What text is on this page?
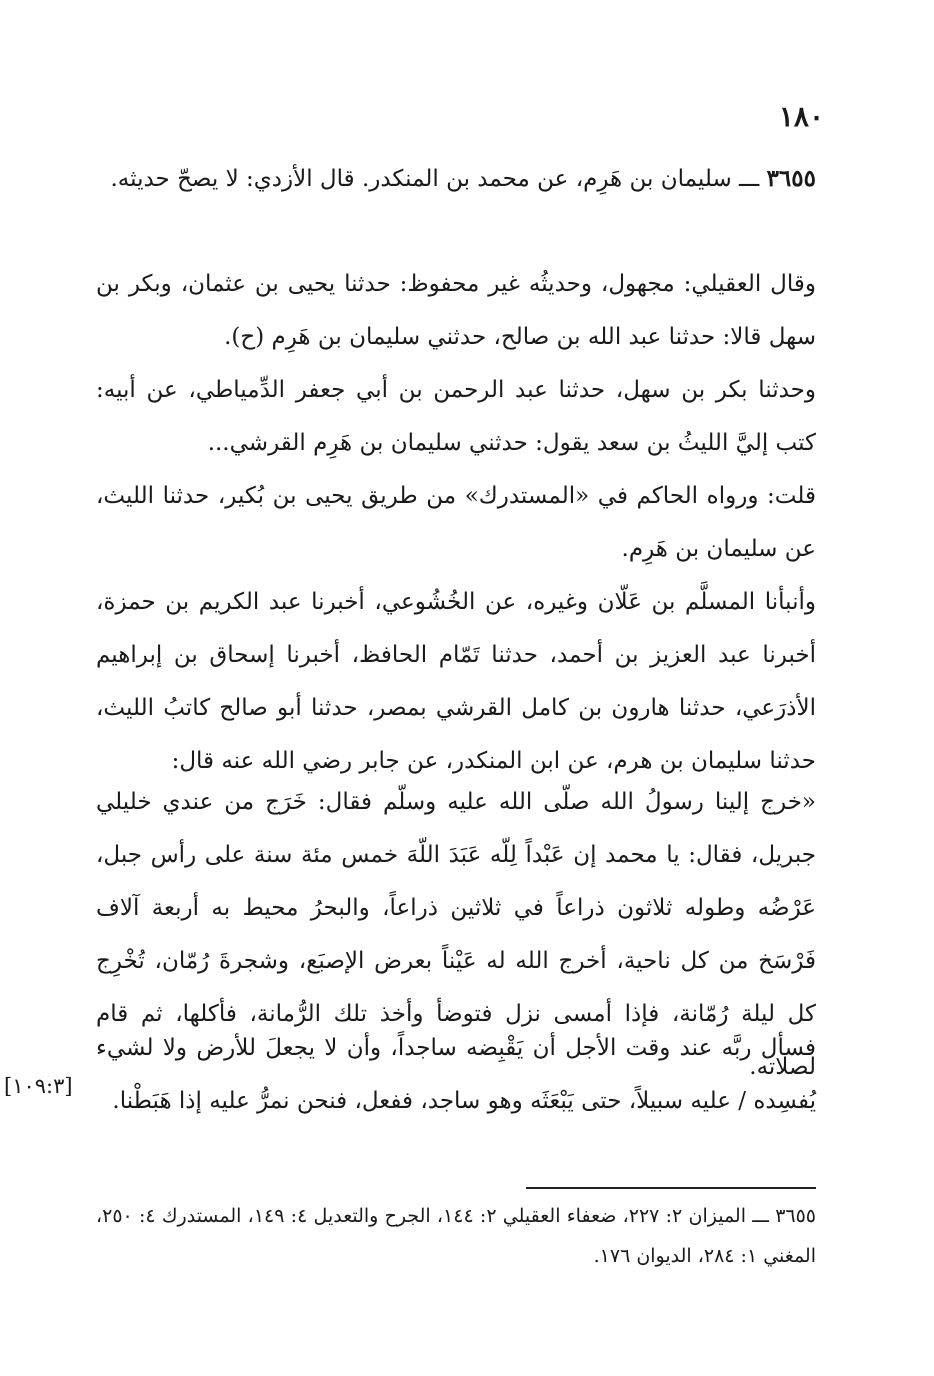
١٨٠

٣٦٥٥ ـــ سليمان بن هَرِم، عن محمد بن المنكدر. قال الأزدي: لا يصحّ حديثه.

وقال العقيلي: مجهول، وحديثُه غير محفوظ: حدثنا يحيى بن عثمان، وبكر بن سهل قالا: حدثنا عبد الله بن صالح، حدثني سليمان بن هَرِم (ح).

وحدثنا بكر بن سهل، حدثنا عبد الرحمن بن أبي جعفر الدِّمياطي، عن أبيه: كتب إليَّ الليثُ بن سعد يقول: حدثني سليمان بن هَرِم القرشي...

قلت: ورواه الحاكم في «المستدرك» من طريق يحيى بن بُكير، حدثنا الليث، عن سليمان بن هَرِم.

وأنبأنا المسلَّم بن عَلّان وغيره، عن الخُشُوعي، أخبرنا عبد الكريم بن حمزة، أخبرنا عبد العزيز بن أحمد، حدثنا تَمّام الحافظ، أخبرنا إسحاق بن إبراهيم الأذرَعي، حدثنا هارون بن كامل القرشي بمصر، حدثنا أبو صالح كاتبُ الليث، حدثنا سليمان بن هرم، عن ابن المنكدر، عن جابر رضي الله عنه قال:

«خرج إلينا رسولُ الله صلّى الله عليه وسلّم فقال: خَرَج من عندي خليلي جبريل، فقال: يا محمد إن عَبْداً لِلّه عَبَدَ اللّهَ خمس مئة سنة على رأس جبل، عَرْضُه وطوله ثلاثون ذراعاً في ثلاثين ذراعاً، والبحرُ محيط به أربعة آلاف فَرْسَخ من كل ناحية، أخرج الله له عَيْناً بعرض الإصبَع، وشجرةَ رُمّان، تُخْرِج كل ليلة رُمّانة، فإذا أمسى نزل فتوضأ وأخذ تلك الرُّمانة، فأكلها، ثم قام لصلاته.

فسأل ربَّه عند وقت الأجل أن يَقْبِضه ساجداً، وأن لا يجعلَ للأرض ولا لشيء يُفسِده / عليه سبيلاً، حتى يَبْعَثَه وهو ساجد، ففعل، فنحن نمرُّ عليه إذا هَبَطْنا.

[١٠٩:٣]

٣٦٥٥ ـــ الميزان ٢: ٢٢٧، ضعفاء العقيلي ٢: ١٤٤، الجرح والتعديل ٤: ١٤٩، المستدرك ٤: ٢٥٠، المغني ١: ٢٨٤، الديوان ١٧٦.
